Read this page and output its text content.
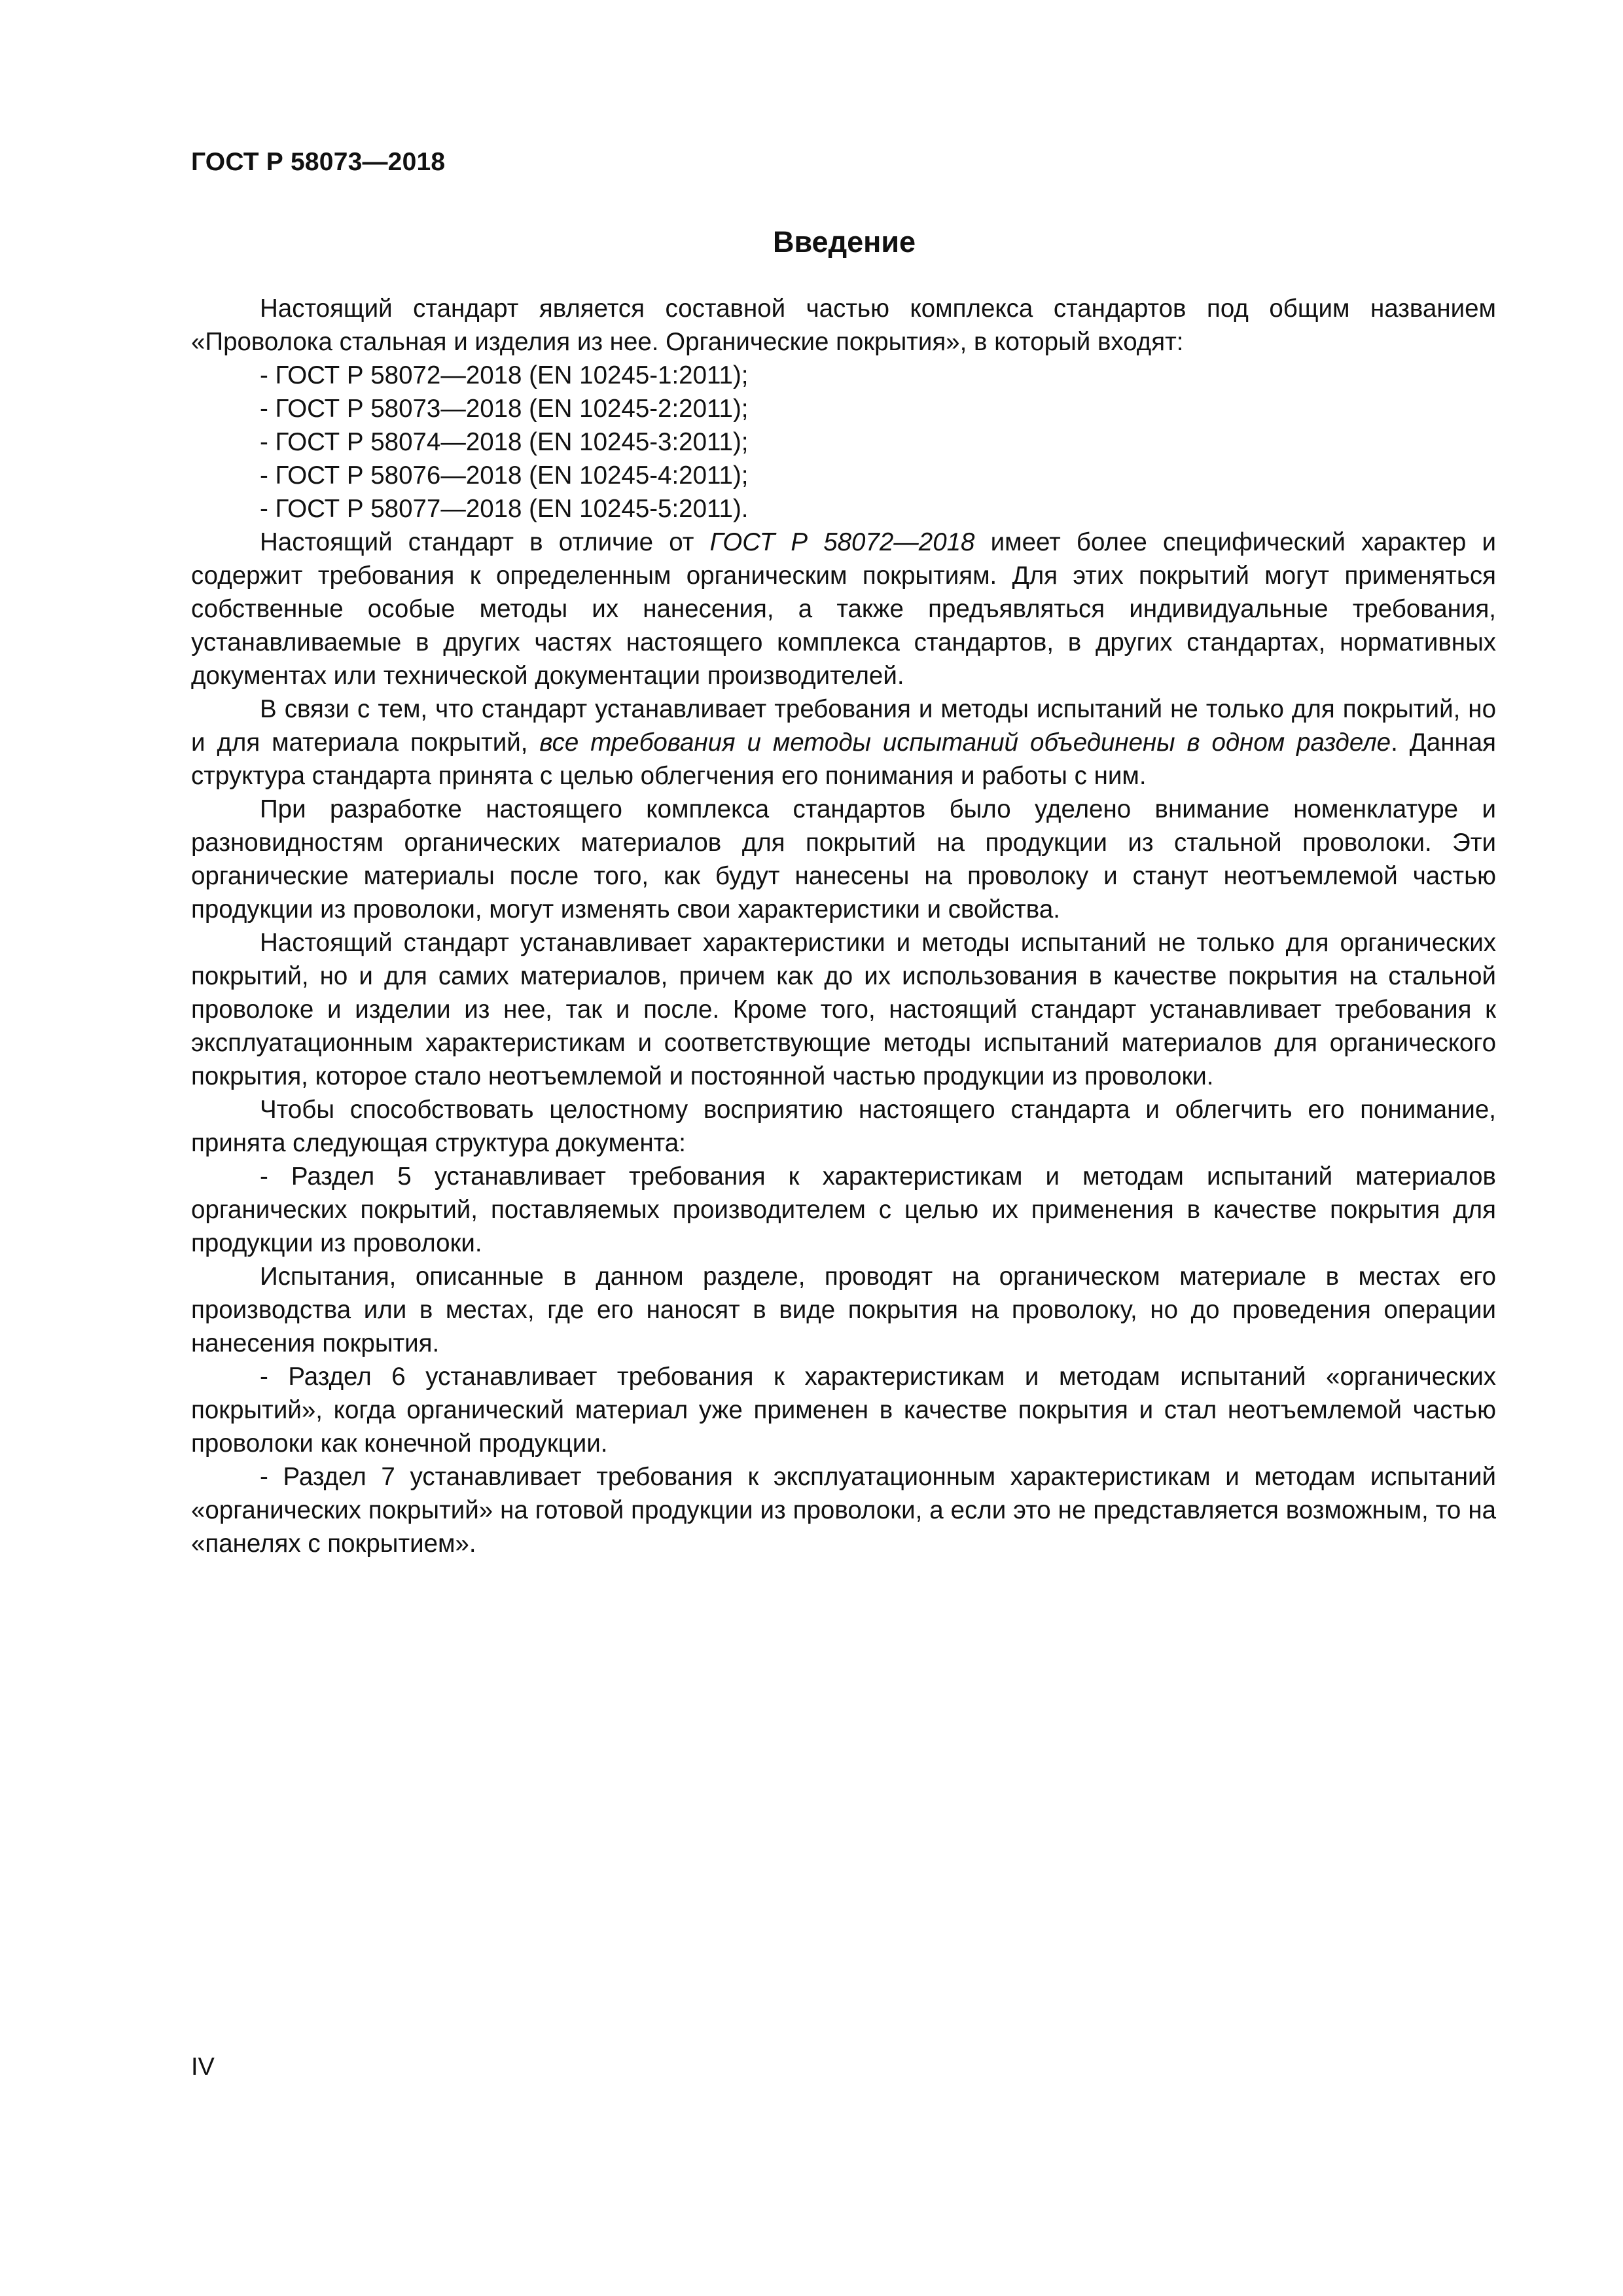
ГОСТ Р 58073—2018
Введение

Настоящий стандарт является составной частью комплекса стандартов под общим названием «Проволока стальная и изделия из нее. Органические покрытия», в который входят:

- ГОСТ Р 58072—2018 (EN 10245-1:2011);

- ГОСТ Р 58073—2018 (EN 10245-2:2011);

- ГОСТ Р 58074—2018 (EN 10245-3:2011);

- ГОСТ Р 58076—2018 (EN 10245-4:2011);

- ГОСТ Р 58077—2018 (EN 10245-5:2011).

Настоящий стандарт в отличие от ГОСТ Р 58072—2018 имеет более специфический характер и содержит требования к определенным органическим покрытиям. Для этих покрытий могут применяться собственные особые методы их нанесения, а также предъявляться индивидуальные требования, устанавливаемые в других частях настоящего комплекса стандартов, в других стандартах, нормативных документах или технической документации производителей.

В связи с тем, что стандарт устанавливает требования и методы испытаний не только для покрытий, но и для материала покрытий, все требования и методы испытаний объединены в одном разделе. Данная структура стандарта принята с целью облегчения его понимания и работы с ним.

При разработке настоящего комплекса стандартов было уделено внимание номенклатуре и разновидностям органических материалов для покрытий на продукции из стальной проволоки. Эти органические материалы после того, как будут нанесены на проволоку и станут неотъемлемой частью продукции из проволоки, могут изменять свои характеристики и свойства.

Настоящий стандарт устанавливает характеристики и методы испытаний не только для органических покрытий, но и для самих материалов, причем как до их использования в качестве покрытия на стальной проволоке и изделии из нее, так и после. Кроме того, настоящий стандарт устанавливает требования к эксплуатационным характеристикам и соответствующие методы испытаний материалов для органического покрытия, которое стало неотъемлемой и постоянной частью продукции из проволоки.

Чтобы способствовать целостному восприятию настоящего стандарта и облегчить его понимание, принята следующая структура документа:

- Раздел 5 устанавливает требования к характеристикам и методам испытаний материалов органических покрытий, поставляемых производителем с целью их применения в качестве покрытия для продукции из проволоки.

Испытания, описанные в данном разделе, проводят на органическом материале в местах его производства или в местах, где его наносят в виде покрытия на проволоку, но до проведения операции нанесения покрытия.

- Раздел 6 устанавливает требования к характеристикам и методам испытаний «органических покрытий», когда органический материал уже применен в качестве покрытия и стал неотъемлемой частью проволоки как конечной продукции.

- Раздел 7 устанавливает требования к эксплуатационным характеристикам и методам испытаний «органических покрытий» на готовой продукции из проволоки, а если это не представляется возможным, то на «панелях с покрытием».

IV
